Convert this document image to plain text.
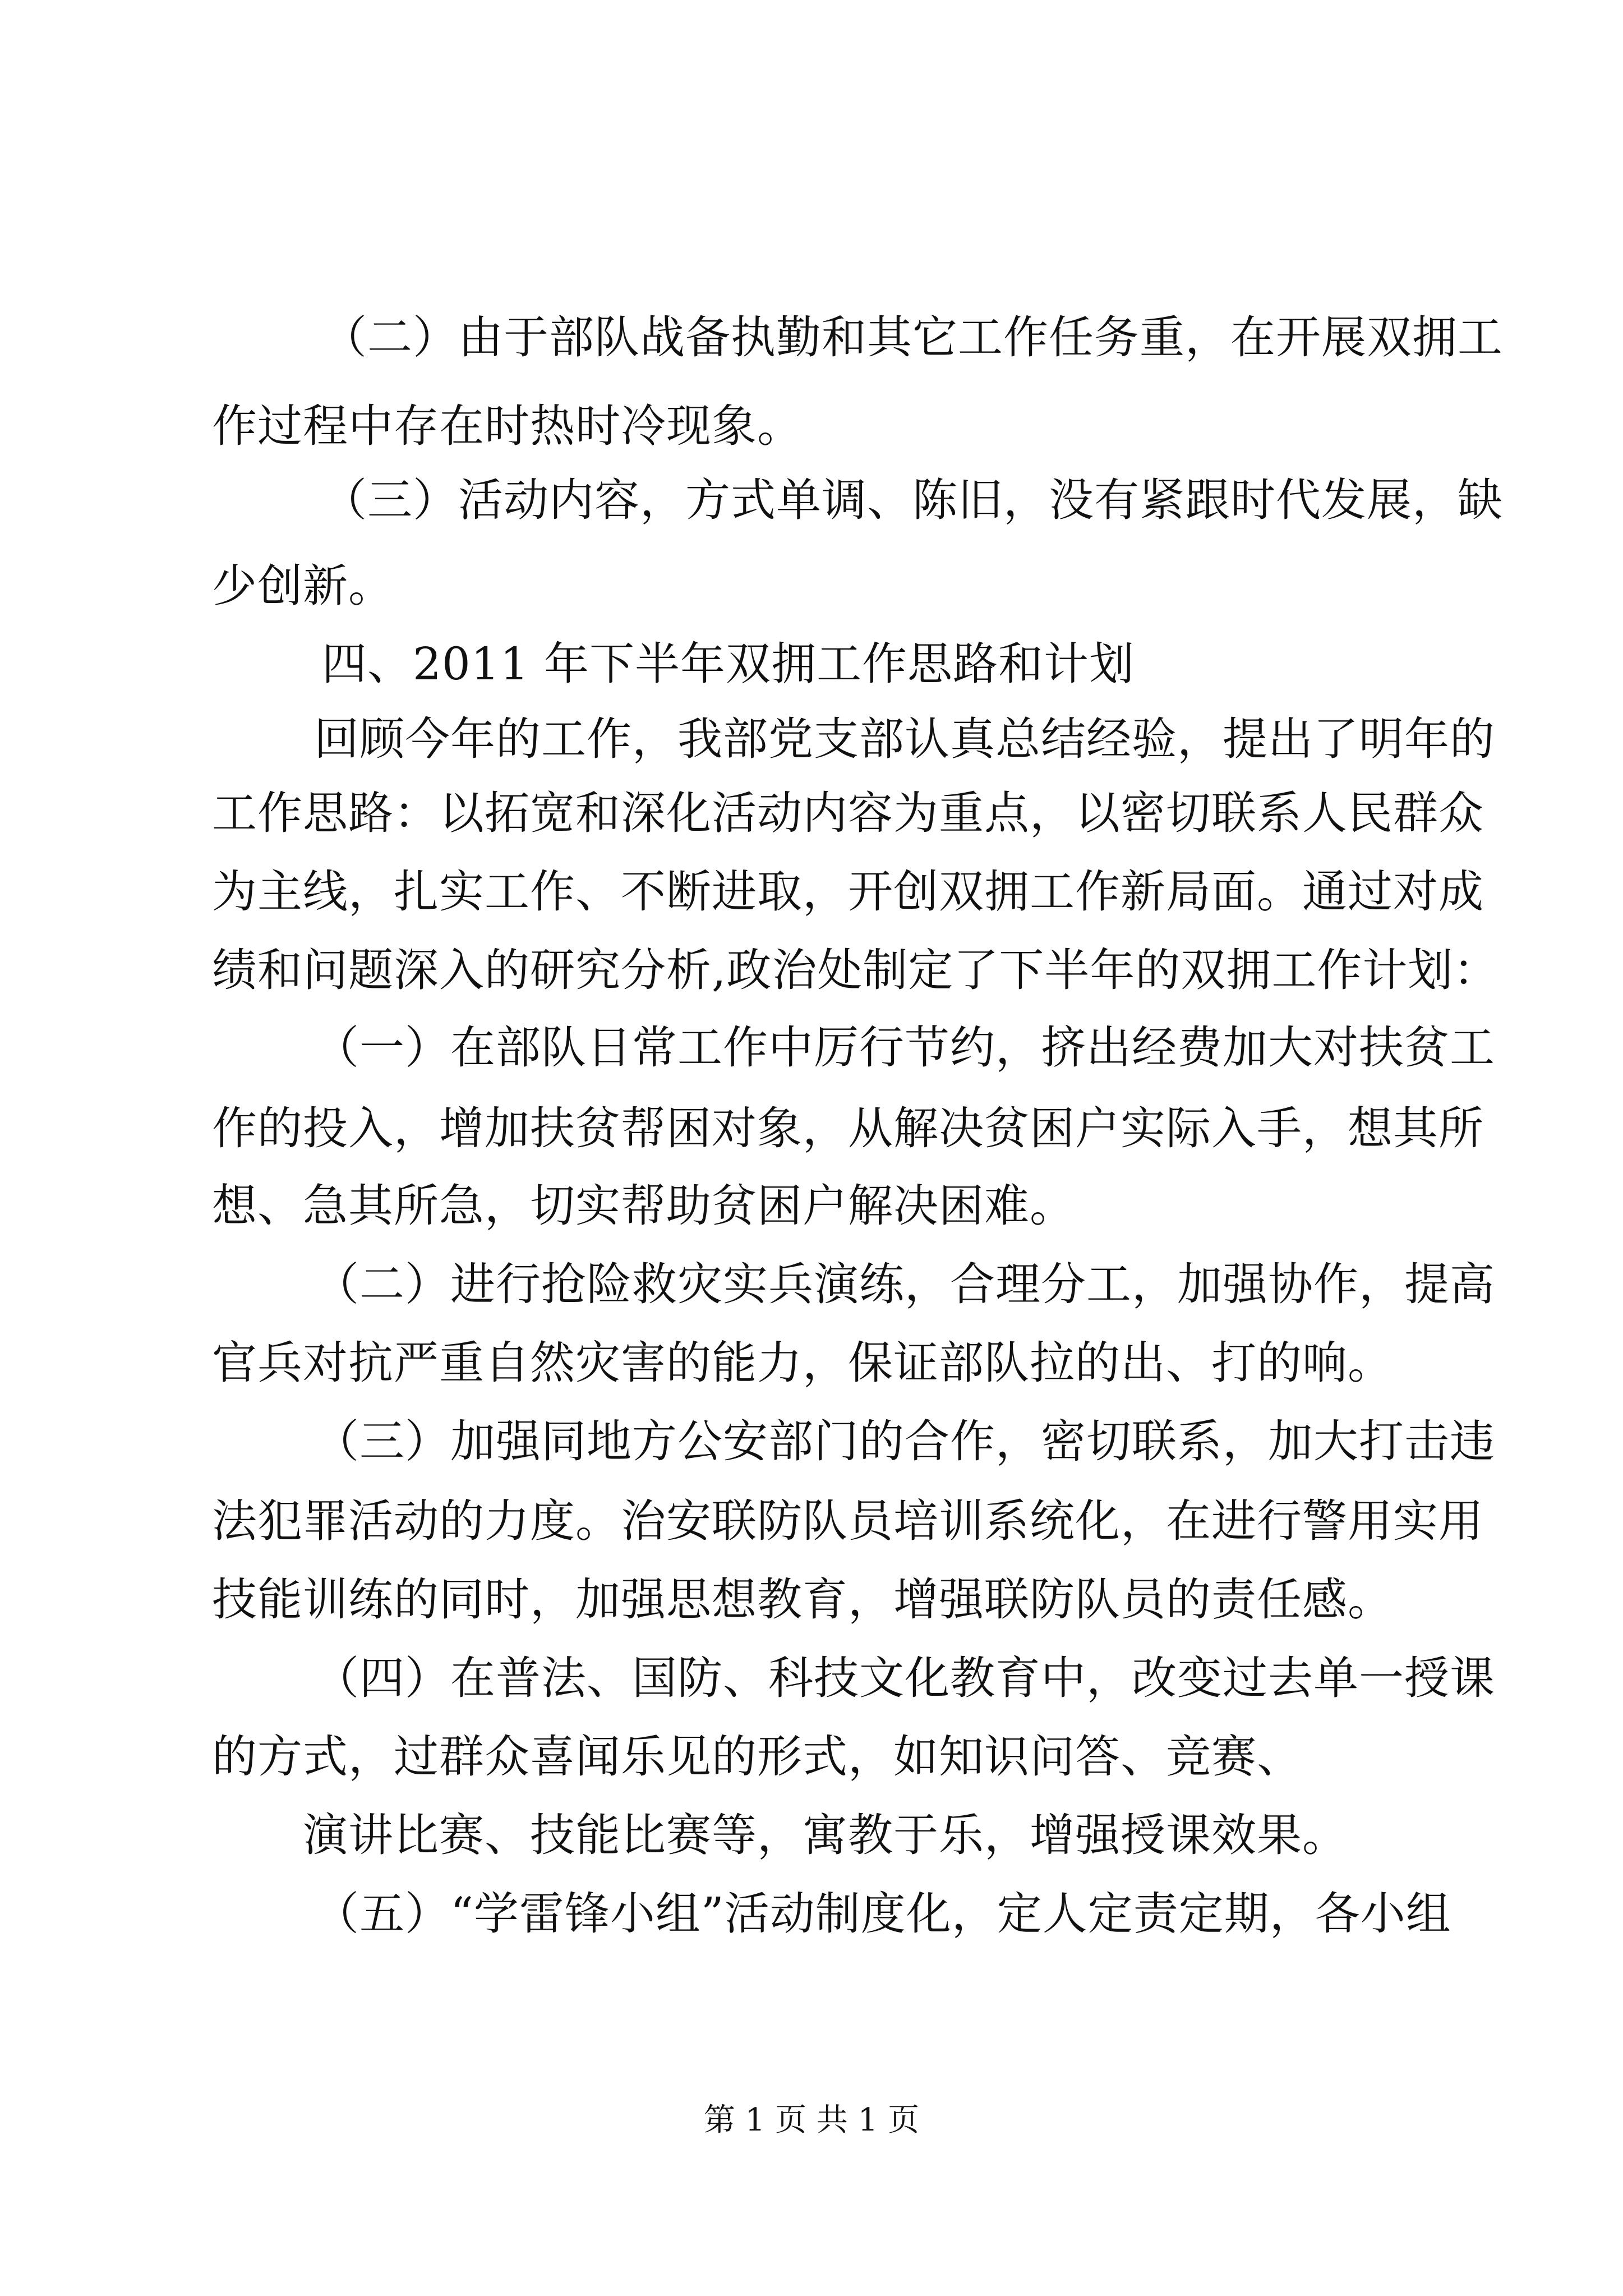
（二）由于部队战备执勤和其它工作任务重，在开展双拥工
作过程中存在时热时冷现象。
（三）活动内容，方式单调、陈旧，没有紧跟时代发展，缺
少创新。
四、2011 年下半年双拥工作思路和计划
回顾今年的工作，我部党支部认真总结经验，提出了明年的
工作思路：以拓宽和深化活动内容为重点，以密切联系人民群众
为主线，扎实工作、不断进取，开创双拥工作新局面。通过对成
绩和问题深入的研究分析,政治处制定了下半年的双拥工作计划：
（一）在部队日常工作中厉行节约，挤出经费加大对扶贫工
作的投入，增加扶贫帮困对象，从解决贫困户实际入手，想其所
想、急其所急，切实帮助贫困户解决困难。
（二）进行抢险救灾实兵演练，合理分工，加强协作，提高
官兵对抗严重自然灾害的能力，保证部队拉的出、打的响。
（三）加强同地方公安部门的合作，密切联系，加大打击违
法犯罪活动的力度。治安联防队员培训系统化，在进行警用实用
技能训练的同时，加强思想教育，增强联防队员的责任感。
（四）在普法、国防、科技文化教育中，改变过去单一授课
的方式，过群众喜闻乐见的形式，如知识问答、竞赛、
演讲比赛、技能比赛等，寓教于乐，增强授课效果。
（五）“学雷锋小组”活动制度化，定人定责定期，各小组
第 1 页 共 1 页
